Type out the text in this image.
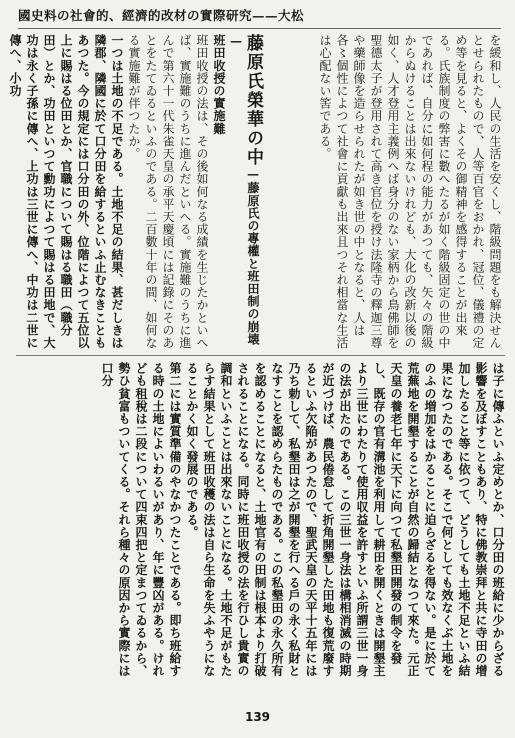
國史料の社會的、經濟的改材の實際研究——大松

を緩和し、人民の生活を安くし、階級問題をも解決せんとせられたもので、人等百官をおかれ、冠位、儀禮の定め等を見ると、よくその御精神を感得することが出來る。氏族制度の弊害に數へたるが如く階級固定の世の中であれば、自分に如何程の能力があつても、矢々の階級からぬけることは出來ないけれども、大化の改新以後の如く、人才登用主義例へば身分のない家柄から鳥佛師を聖德太子が登用されて高き官位を授け法隆寺の釋迦三尊や藥師像を造らせられたが如き世の中となると、人は各〻個性によつて社會に貢獻も出來且つそれ相當な生活は心配ない筈である。

藤原氏榮華の中—藤原氏の專權と班田制の崩壊—
班田收授の實施難
班田收授の法は、その後如何なる成績を生じたかといへば、實施難のうちに進んだといへる。實施難のうちに進んで第六十一代朱雀天皇の承平天慶頃には記錄にそのあとをたてゐるといふのである。二百數十年の間、如何なる實施難が伴つたか。
一つは土地の不足である。土地不足の結果、甚だしきは隣郡、隣國に於て口分田を給するといふ止むなきこともあつた。今の規定には口分田の外、位階によつて五位以上に賜はる位田とか、官職について賜はる職田（職分田）とか、功田といつて勳功によつて賜はる田地で、大功は永く子孫に傳へ、上功は三世に傳へ、中功は二世に傳へ、小功
は子に傳ふといふ定めとか、口分田の班給に少からざる影響を及ぼすこともあり、特に佛教崇拜と共に寺田の增加したること等に依つて、どうしても土地不足といふ結果になつたのである。そこで何としても效なくぶ土地をのふの増加をはかることに迫らざるを得ない。是に於て荒蕪地を開墾することが自然の歸結となつて來た。元正天皇の養老七年に天下に向つて私墾田開發の制令を發し、既存の官有溝池を利用して耕田を開くときは開墾主より三世にわたりて使用収益を許すといふ所謂三世一身の法が出たのである。この三世一身法は構相消滅の時期が近づけば、農民倦怠して折角開墾した田地も復荒廢するといふ欠陥があつたので、聖武天皇の天平十五年には乃ち勅して、私墾田は之が開墾を行へる戶の永く私財となすことを認めらたものである。この私墾田の永久所有を認めることになると、土地官有の田制は根本より打破されることになる。同時に班田收授の法を行ひし貴實の調和といふことは出來ないことになる。土地不足がもたらす結果として班田收穫の法は自ら生命を失ふやうになることかく如く發展のである。
第二には實質準備のやなかつたことである。即ち班給する時の土地によいわるいがあり、年に豐凶がある。けれども租稅は二段について四束四把と定まつてゐるから、勢ひ貧富もついてくる。それら種々の原因から實際には口分
139
